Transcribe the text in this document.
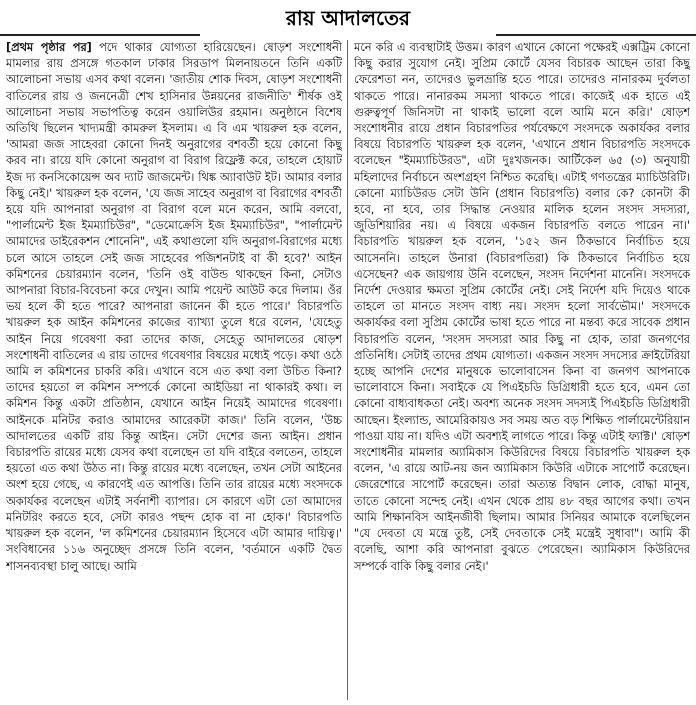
রায় আদালতের

[প্রথম পৃষ্ঠার পর] পদে থাকার যোগ্যতা হারিয়েছেন। ষোড়শ সংশোধনী মামলার রায় প্রসঙ্গে গতকাল ঢাকার সিরডাপ মিলনায়তনে তিনি একটি আলোচনা সভায় এসব কথা বলেন। 'জাতীয় শোক দিবস, ষোড়শ সংশোধনী বাতিলের রায় ও জননেত্রী শেখ হাসিনার উন্নয়নের রাজনীতি' শীর্ষক ওই আলোচনা সভায় সভাপতিত্ব করেন ওয়ালিউর রহমান। অনুষ্ঠানে বিশেষ অতিথি ছিলেন খাদ্যমন্ত্রী কামরুল ইসলাম। এ বি এম খায়রুল হক বলেন, 'আমরা জজ সাহেবরা কোনো দিনই অনুরাগের বশবর্তী হয়ে কোনো কিছু করব না। রায়ে যদি কোনো অনুরাগ বা বিরাগ রিফ্লেক্ট করে, তাহলে হোয়াট ইজ দ্য কনসিকোয়েন্স অব দ্যাট জাজমেন্ট। থিঙ্ক অ্যাবাউট ইট। আমার বলার কিছু নেই।' খায়রুল হক বলেন, 'যে জজ সাহেব অনুরাগ বা বিরাগের বশবর্তী হয়ে যদি আপনারা অনুরাগ বা বিরাগ বলে মনে করেন, আমি বলবো, "পার্লামেন্ট ইজ ইমম্যাচিউর", "ডেমোক্রেসি ইজ ইমম্যাচিউর", "পার্লামেন্ট আমাদের ডাইরেকশন শোনেনি", এই কথাগুলো যদি অনুরাগ-বিরাগের মধ্যে চলে আসে তাহলে সেই জজ সাহেবের পজিশনটাই বা কী হবে?' আইন কমিশনের চেয়ারম্যান বলেন, 'তিনি ওই বাউন্ড থাকছেন কিনা, সেটাও আপনারা বিচার-বিবেচনা করে দেখুন। আমি পয়েন্ট আউট করে দিলাম। ওঁর ভয় হলে কী হতে পারে? আপনারা জানেন কী হতে পারে।' বিচারপতি খায়রুল হক আইন কমিশনের কাজের ব্যাখ্যা তুলে ধরে বলেন, 'যেহেতু আইন নিয়ে গবেষণা করা তাদের কাজ, সেহেতু আদালতের ষোড়শ সংশোধনী বাতিলের এ রায় তাদের গবেষণার বিষয়ের মধ্যেই পড়ে। কথা ওঠে আমি ল কমিশনের চাকরি করি। এখানে বসে এত কথা বলা উচিত কিনা? তাদের হয়তো ল কমিশন সম্পর্কে কোনো আইডিয়া না থাকারই কথা। ল কমিশন কিন্তু একটা প্রতিষ্ঠান, যেখানে আইন নিয়েই আমাদের গবেষণা। আইনকে মনিটর করাও আমাদের আরেকটা কাজ।' তিনি বলেন, 'উচ্চ আদালতের একটি রায় কিন্তু আইন। সেটা দেশের জন্য আইন। প্রধান বিচারপতি রায়ের মধ্যে যেসব কথা বলেছেন তা যদি বাইরে বলতেন, তাহলে হয়তো এত কথা উঠত না। কিন্তু রায়ের মধ্যে বলেছেন, তখন সেটা আইনের অংশ হয়ে গেছে, এ কারণেই এত আপত্তি। তিনি তার রায়ের মধ্যে সংসদকে অকার্যকর বলেছেন এটাই সর্বনাশী ব্যাপার। সে কারণে এটা তো আমাদের মনিটরিং করতে হবে, সেটা কারও পছন্দ হোক বা না হোক।' বিচারপতি খায়রুল হক বলেন, 'ল কমিশনের চেয়ারম্যান হিসেবে এটা আমার দায়িত্ব।' সংবিধানের ১১৬ অনুচ্ছেদ প্রসঙ্গে তিনি বলেন, 'বর্তমানে একটি দ্বৈত শাসনব্যবস্থা চালু আছে। আমি

মনে করি এ ব্যবস্থাটাই উত্তম। কারণ এখানে কোনো পক্ষেরই এক্সট্রিম কোনো কিছু করার সুযোগ নেই। সুপ্রিম কোর্টে যেসব বিচারক আছেন তারা কিছু ফেরেশতা নন, তাদেরও ভুলভ্রান্তি হতে পারে। তাদেরও নানারকম দুর্বলতা থাকতে পারে। নানারকম সমস্যা থাকতে পারে। কাজেই এক হাতে এই গুরুত্বপূর্ণ জিনিসটা না থাকাই ভালো বলে আমি মনে করি।' ষোড়শ সংশোধনীর রায়ে প্রধান বিচারপতির পর্যবেক্ষণে সংসদকে অকার্যকর বলার বিষয়ে বিচারপতি খায়রুল হক বলেন, 'এখানে প্রধান বিচারপতি সংসদকে বলেছেন "ইমম্যাচিউরড", এটা দুঃখজনক। আর্টিকেল ৬৫ (৩) অনুযায়ী মহিলাদের নির্বাচনে অংশগ্রহণ নিশ্চিত করেছি। এটাই গণতন্ত্রের ম্যাচিউরিটি। কোনো ম্যাচিউরড সেটা উনি (প্রধান বিচারপতি) বলার কে? কোনটা কী হবে, না হবে, তার সিদ্ধান্ত নেওয়ার মালিক হলেন সংসদ সদস্যরা, জুডিশিয়ারির নয়। এ বিষয়ে একজন বিচারপতি বলতে পারেন না।' বিচারপতি খায়রুল হক বলেন, '১৫২ জন ঠিকভাবে নির্বাচিত হয়ে আসেননি। তাহলে উনারা (বিচারপতিরা) কি ঠিকভাবে নির্বাচিত হয়ে এসেছেন? এক জায়গায় উনি বলেছেন, সংসদ নির্দেশনা মানেনি। সংসদকে নির্দেশ দেওয়ার ক্ষমতা সুপ্রিম কোর্টের নেই। সেই নির্দেশ যদি দিয়েও থাকে তাহলে তা মানতে সংসদ বাধ্য নয়। সংসদ হলো সার্বভৌম।' সংসদকে অকার্যকর বলা সুপ্রিম কোর্টের ভাষা হতে পারে না মন্তব্য করে সাবেক প্রধান বিচারপতি বলেন, 'সংসদ সদস্যরা আর কিছু না হোক, তারা জনগণের প্রতিনিধি। সেটাই তাদের প্রথম যোগ্যতা। একজন সংসদ সদস্যের ক্রাইটেরিয়া হচ্ছে আপনি দেশের মানুষকে ভালোবাসেন কিনা বা জনগণ আপনাকে ভালোবাসে কিনা। সবাইকে যে পিএইচডি ডিগ্রিধারী হতে হবে, এমন তো কোনো বাধ্যবাধকতা নেই। অবশ্য অনেক সংসদ সদস্যই পিএইচডি ডিগ্রিধারী আছেন। ইংল্যান্ড, আমেরিকায়ও সব সময় অত বড় শিক্ষিত পার্লামেন্টেরিয়ান পাওয়া যায় না। যদিও এটা অবশ্যই লাগতে পারে। কিন্তু এটাই ফ্যাক্ট।' ষোড়শ সংশোধনীর মামলার অ্যামিকাস কিউরিদের বিষয়ে বিচারপতি খায়রুল হক বলেন, 'এ রায়ে আট-নয় জন অ্যামিকাস কিউরি এটাকে সাপোর্ট করেছেন। জেরেশোরে সাপোর্ট করেছেন। তারা অত্যন্ত বিদ্বান লোক, বোদ্ধা মানুষ, তাতে কোনো সন্দেহ নেই। এখন থেকে প্রায় ৪৮ বছর আগের কথা। তখন আমি শিক্ষানবিস আইনজীবী ছিলাম। আমার সিনিয়র আমাকে বলেছিলেন "যে দেবতা যে মন্ত্রে তুষ্ট, সেই দেবতাকে সেই মন্ত্রেই সুধাবা"। আমি কী বলেছি, আশা করি আপনারা বুঝতে পেরেছেন। অ্যামিকাস কিউরিদের সম্পর্কে বাকি কিছু বলার নেই।'
